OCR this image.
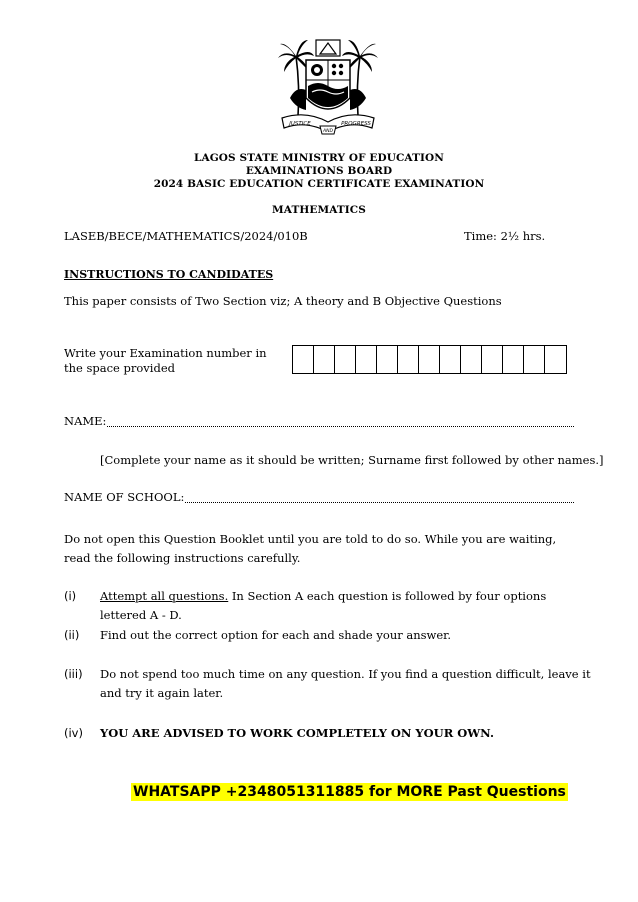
JUSTICE
AND
PROGRESS
LAGOS STATE MINISTRY OF EDUCATION
EXAMINATIONS BOARD
2024 BASIC EDUCATION CERTIFICATE EXAMINATION
MATHEMATICS
LASEB/BECE/MATHEMATICS/2024/010B	Time: 2½ hrs.
INSTRUCTIONS TO CANDIDATES
This paper consists of Two Section viz; A theory and B Objective Questions
Write your Examination number in the space provided
NAME:
[Complete your name as it should be written; Surname first followed by other names.]
NAME OF SCHOOL:
Do not open this Question Booklet until you are told to do so. While you are waiting, read the following instructions carefully.
(i) Attempt all questions. In Section A each question is followed by four options lettered A - D.
(ii) Find out the correct option for each and shade your answer.
(iii) Do not spend too much time on any question. If you find a question difficult, leave it and try it again later.
(iv) YOU ARE ADVISED TO WORK COMPLETELY ON YOUR OWN.
WHATSAPP +2348051311885 for MORE Past Questions
